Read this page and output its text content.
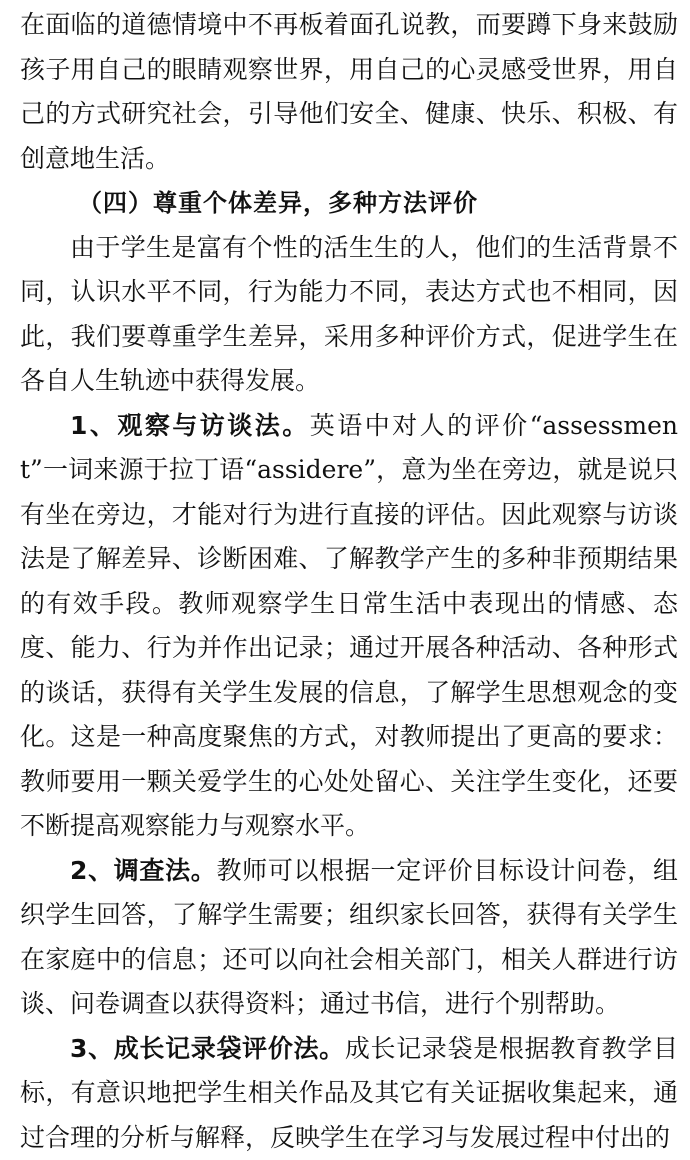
在面临的道德情境中不再板着面孔说教，而要蹲下身来鼓励孩子用自己的眼睛观察世界，用自己的心灵感受世界，用自己的方式研究社会，引导他们安全、健康、快乐、积极、有创意地生活。

（四）尊重个体差异，多种方法评价

由于学生是富有个性的活生生的人，他们的生活背景不同，认识水平不同，行为能力不同，表达方式也不相同，因此，我们要尊重学生差异，采用多种评价方式，促进学生在各自人生轨迹中获得发展。

1、观察与访谈法。英语中对人的评价“assessment”一词来源于拉丁语“assidere”，意为坐在旁边，就是说只有坐在旁边，才能对行为进行直接的评估。因此观察与访谈法是了解差异、诊断困难、了解教学产生的多种非预期结果的有效手段。教师观察学生日常生活中表现出的情感、态度、能力、行为并作出记录；通过开展各种活动、各种形式的谈话，获得有关学生发展的信息，了解学生思想观念的变化。这是一种高度聚焦的方式，对教师提出了更高的要求：教师要用一颗关爱学生的心处处留心、关注学生变化，还要不断提高观察能力与观察水平。

2、调查法。教师可以根据一定评价目标设计问卷，组织学生回答，了解学生需要；组织家长回答，获得有关学生在家庭中的信息；还可以向社会相关部门，相关人群进行访谈、问卷调查以获得资料；通过书信，进行个别帮助。

3、成长记录袋评价法。成长记录袋是根据教育教学目标，有意识地把学生相关作品及其它有关证据收集起来，通过合理的分析与解释，反映学生在学习与发展过程中付出的
